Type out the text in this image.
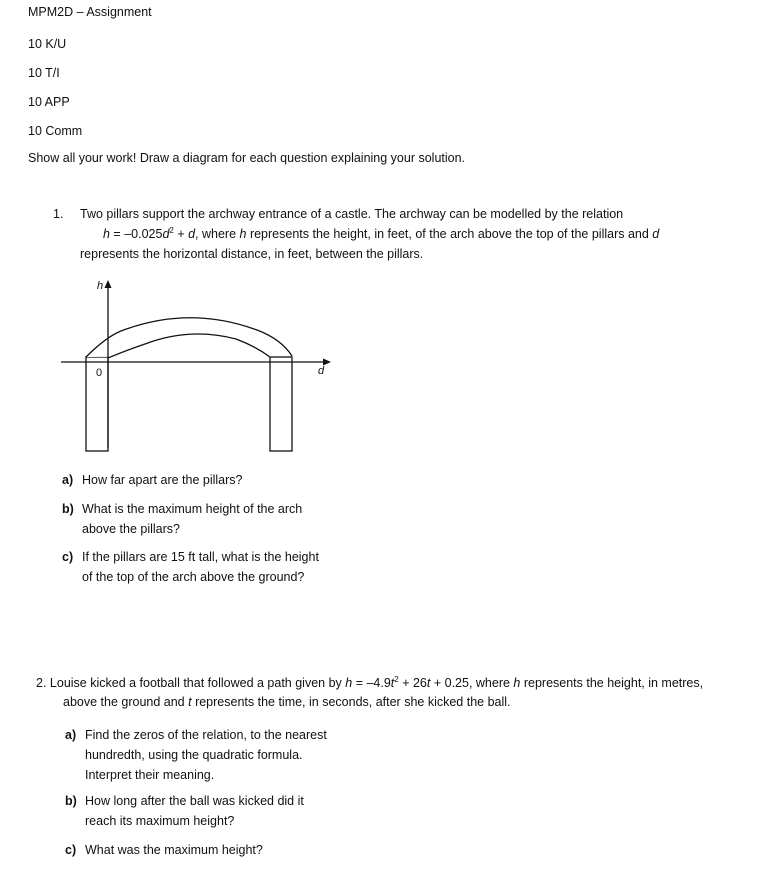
MPM2D – Assignment
10 K/U
10 T/I
10 APP
10 Comm
Show all your work! Draw a diagram for each question explaining your solution.
1. Two pillars support the archway entrance of a castle. The archway can be modelled by the relation
$h = -0.025d^2 + d$, where h represents the height, in feet, of the arch above the top of the pillars and d
represents the horizontal distance, in feet, between the pillars.
h
d
0
a) How far apart are the pillars?
b) What is the maximum height of the arch above the pillars?
c) If the pillars are 15 ft tall, what is the height of the top of the arch above the ground?
2. Louise kicked a football that followed a path given by $h = -4.9t^2 + 26t + 0.25$, where h represents the height, in metres,
above the ground and t represents the time, in seconds, after she kicked the ball.
a) Find the zeros of the relation, to the nearest hundredth, using the quadratic formula. Interpret their meaning.
b) How long after the ball was kicked did it reach its maximum height?
c) What was the maximum height?
